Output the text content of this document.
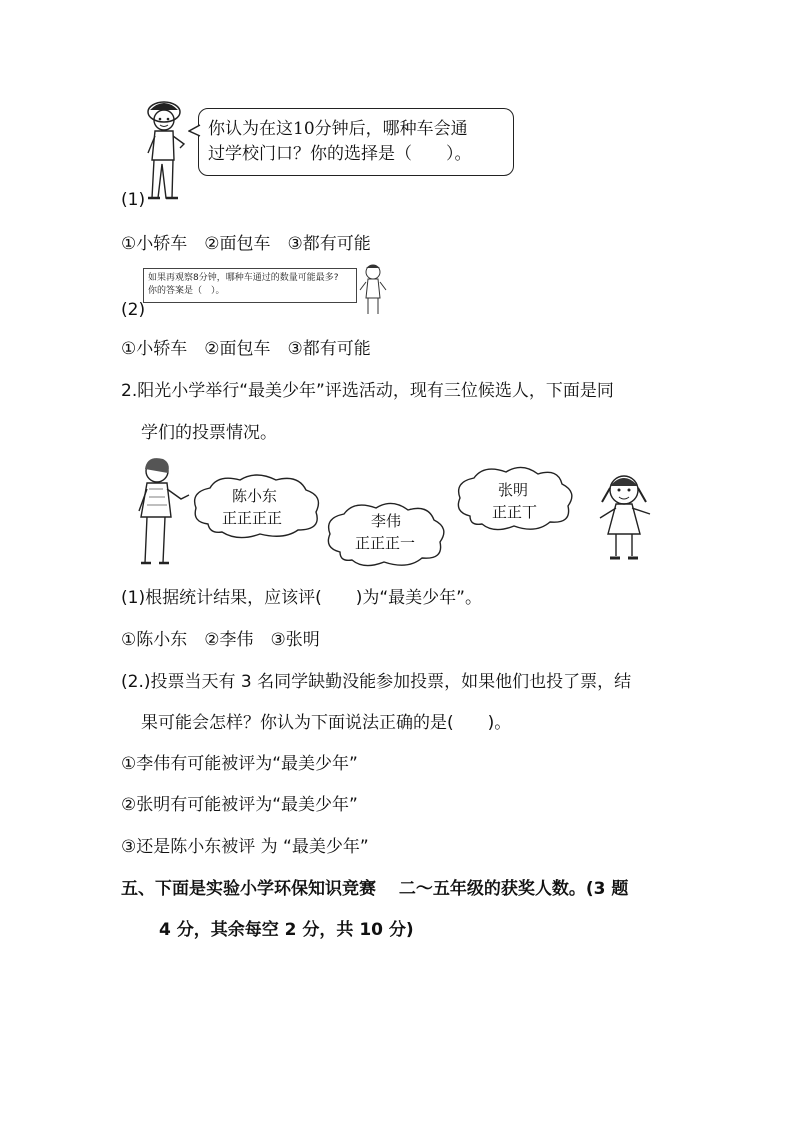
你认为在这10分钟后，哪种车会通
过学校门口？你的选择是（　　）。
(1)
①小轿车　②面包车　③都有可能
如果再观察8分钟，哪种车通过的数量可能最多?
你的答案是（　）。
(2)
①小轿车　②面包车　③都有可能
2.阳光小学举行“最美少年”评选活动，现有三位候选人，下面是同
学们的投票情况。
陈小东
正正正正	李伟
正正正一
张明
正正丅
(1)根据统计结果，应该评(　　)为“最美少年”。
①陈小东　②李伟　③张明
(2.)投票当天有 3 名同学缺勤没能参加投票，如果他们也投了票，结
果可能会怎样？你认为下面说法正确的是(　　)。
①李伟有可能被评为“最美少年”
②张明有可能被评为“最美少年”
③还是陈小东被评 为 “最美少年”
五、下面是实验小学环保知识竞赛　 二～五年级的获奖人数。(3 题
4 分，其余每空 2 分，共 10 分)
